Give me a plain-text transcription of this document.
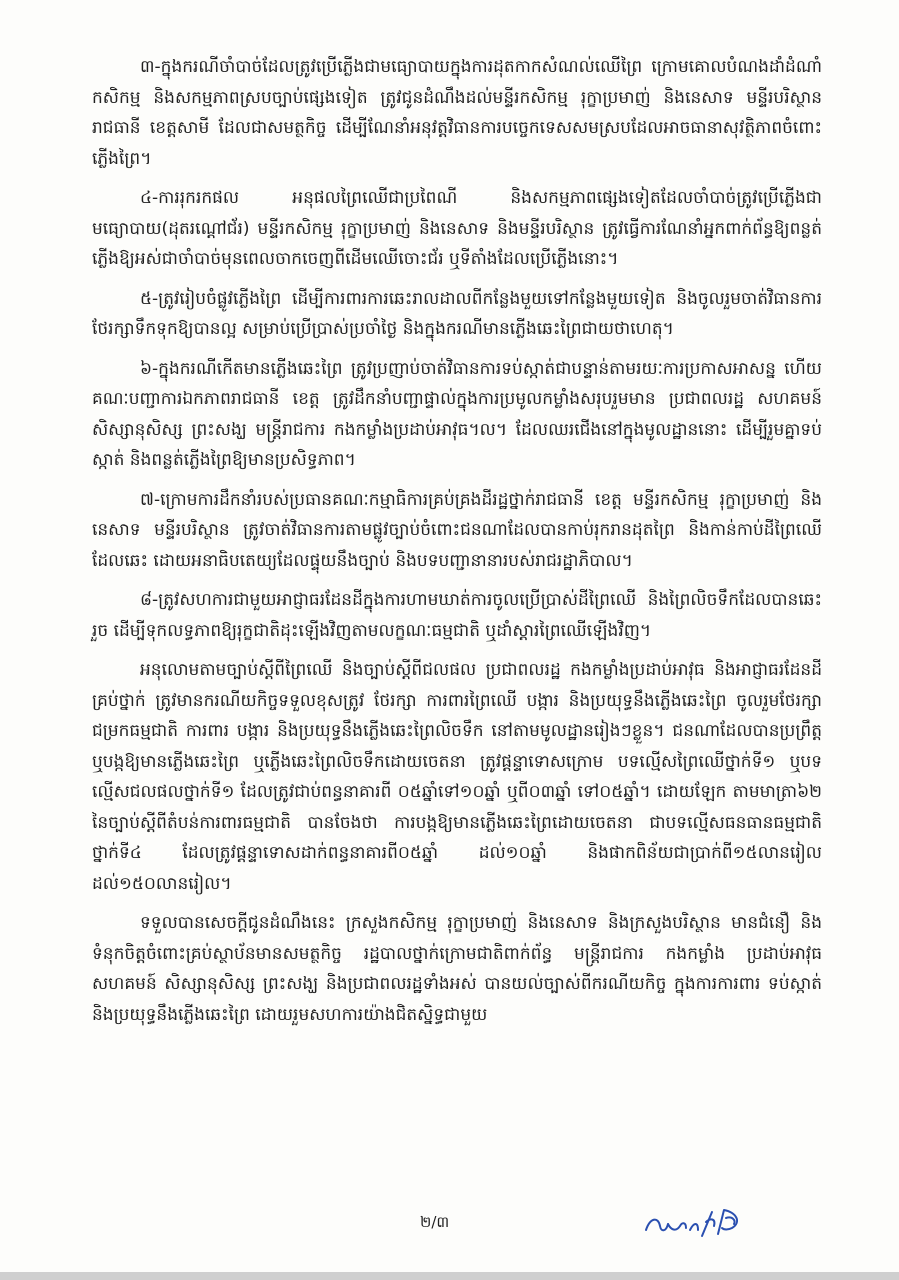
៣-ក្នុងករណីចាំបាច់ដែលត្រូវប្រើភ្លើងជាមធ្យោបាយក្នុងការដុតកាកសំណល់ឈើព្រៃ ក្រោមគោលបំណងដាំដំណាំកសិកម្ម និងសកម្មភាពស្របច្បាប់ផ្សេងទៀត ត្រូវជូនដំណឹងដល់មន្ទីរកសិកម្ម រុក្ខាប្រមាញ់ និងនេសាទ មន្ទីរបរិស្ថានរាជធានី ខេត្តសាមី ដែលជាសមត្ថកិច្ច ដើម្បីណែនាំអនុវត្តវិធានការបច្ចេកទេសសមស្របដែលអាចធានាសុវត្ថិភាពចំពោះភ្លើងព្រៃ។

៤-ការរុករកផល អនុផលព្រៃឈើជាប្រពៃណី និងសកម្មភាពផ្សេងទៀតដែលចាំបាច់ត្រូវប្រើភ្លើងជាមធ្យោបាយ(ដុតរណ្តៅជ័រ) មន្ទីរកសិកម្ម រុក្ខាប្រមាញ់ និងនេសាទ និងមន្ទីរបរិស្ថាន ត្រូវធ្វើការណែនាំអ្នកពាក់ព័ន្ធឱ្យពន្លត់ភ្លើងឱ្យអស់ជាចាំបាច់មុនពេលចាកចេញពីដើមឈើចោះជ័រ ឬទីតាំងដែលប្រើភ្លើងនោះ។

៥-ត្រូវរៀបចំផ្លូវភ្លើងព្រៃ ដើម្បីការពារការឆេះរាលដាលពីកន្លែងមួយទៅកន្លែងមួយទៀត និងចូលរួមចាត់វិធានការថែរក្សាទឹកទុកឱ្យបានល្អ សម្រាប់ប្រើប្រាស់ប្រចាំថ្ងៃ និងក្នុងករណីមានភ្លើងឆេះព្រៃជាយថាហេតុ។

៦-ក្នុងករណីកើតមានភ្លើងឆេះព្រៃ ត្រូវប្រញាប់ចាត់វិធានការទប់ស្កាត់ជាបន្ទាន់តាមរយៈការប្រកាសអាសន្ន ហើយគណៈបញ្ជាការឯកភាពរាជធានី ខេត្ត ត្រូវដឹកនាំបញ្ជាផ្ទាល់ក្នុងការប្រមូលកម្លាំងសរុបរួមមាន ប្រជាពលរដ្ឋ សហគមន៍ សិស្សានុសិស្ស ព្រះសង្ឃ មន្ត្រីរាជការ កងកម្លាំងប្រដាប់អាវុធ។ល។ ដែលឈរជើងនៅក្នុងមូលដ្ឋាននោះ ដើម្បីរួមគ្នាទប់ស្កាត់ និងពន្លត់ភ្លើងព្រៃឱ្យមានប្រសិទ្ធភាព។

៧-ក្រោមការដឹកនាំរបស់ប្រធានគណៈកម្មាធិការគ្រប់គ្រងដីរដ្ឋថ្នាក់រាជធានី ខេត្ត មន្ទីរកសិកម្ម រុក្ខាប្រមាញ់ និងនេសាទ មន្ទីរបរិស្ថាន ត្រូវចាត់វិធានការតាមផ្លូវច្បាប់ចំពោះជនណាដែលបានកាប់រុករានដុតព្រៃ និងកាន់កាប់ដីព្រៃឈើដែលឆេះ ដោយអនាធិបតេយ្យដែលផ្ទុយនឹងច្បាប់ និងបទបញ្ជានានារបស់រាជរដ្ឋាភិបាល។

៨-ត្រូវសហការជាមួយអាជ្ញាធរដែនដីក្នុងការហាមឃាត់ការចូលប្រើប្រាស់ដីព្រៃឈើ និងព្រៃលិចទឹកដែលបានឆេះរួច ដើម្បីទុកលទ្ធភាពឱ្យរុក្ខជាតិដុះឡើងវិញតាមលក្ខណៈធម្មជាតិ ឬដាំស្តារព្រៃឈើឡើងវិញ។

អនុលោមតាមច្បាប់ស្តីពីព្រៃឈើ និងច្បាប់ស្តីពីជលផល ប្រជាពលរដ្ឋ កងកម្លាំងប្រដាប់អាវុធ និងអាជ្ញាធរដែនដីគ្រប់ថ្នាក់ ត្រូវមានករណីយកិច្ចទទួលខុសត្រូវ ថែរក្សា ការពារព្រៃឈើ បង្ការ និងប្រយុទ្ធនឹងភ្លើងឆេះព្រៃ ចូលរួមថែរក្សាជម្រកធម្មជាតិ ការពារ បង្ការ និងប្រយុទ្ធនឹងភ្លើងឆេះព្រៃលិចទឹក នៅតាមមូលដ្ឋានរៀងៗខ្លួន។ ជនណាដែលបានប្រព្រឹត្ត ឬបង្កឱ្យមានភ្លើងឆេះព្រៃ ឬភ្លើងឆេះព្រៃលិចទឹកដោយចេតនា ត្រូវផ្តន្ទាទោសក្រោម បទល្មើសព្រៃឈើថ្នាក់ទី១ ឬបទល្មើសជលផលថ្នាក់ទី១ ដែលត្រូវជាប់ពន្ធនាគារពី ០៥ឆ្នាំទៅ១០ឆ្នាំ ឬពី០៣ឆ្នាំ ទៅ០៥ឆ្នាំ។ ដោយឡែក តាមមាត្រា៦២ នៃច្បាប់ស្តីពីតំបន់ការពារធម្មជាតិ បានចែងថា ការបង្កឱ្យមានភ្លើងឆេះព្រៃដោយចេតនា ជាបទល្មើសធនធានធម្មជាតិ ថ្នាក់ទី៤ ដែលត្រូវផ្តន្ទាទោសដាក់ពន្ធនាគារពី០៥ឆ្នាំ ដល់១០ឆ្នាំ និងផាកពិន័យជាប្រាក់ពី១៥លានរៀល ដល់១៥០លានរៀល។

ទទួលបានសេចក្តីជូនដំណឹងនេះ ក្រសួងកសិកម្ម រុក្ខាប្រមាញ់ និងនេសាទ និងក្រសួងបរិស្ថាន មានជំនឿ និងទំនុកចិត្តចំពោះគ្រប់ស្ថាប័នមានសមត្ថកិច្ច រដ្ឋបាលថ្នាក់ក្រោមជាតិពាក់ព័ន្ធ មន្ត្រីរាជការ កងកម្លាំង ប្រដាប់អាវុធ សហគមន៍ សិស្សានុសិស្ស ព្រះសង្ឃ និងប្រជាពលរដ្ឋទាំងអស់ បានយល់ច្បាស់ពីករណីយកិច្ច ក្នុងការការពារ ទប់ស្កាត់ និងប្រយុទ្ធនឹងភ្លើងឆេះព្រៃ ដោយរួមសហការយ៉ាងជិតស្និទ្ធជាមួយ

២/៣
